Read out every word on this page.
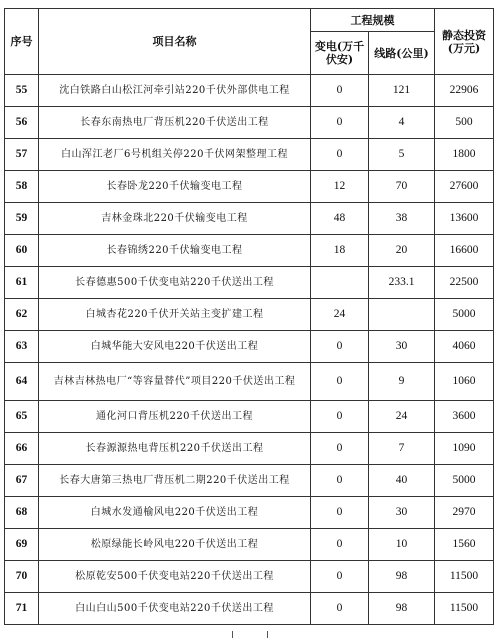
序号	项目名称	工程规模		静态投资(万元)
		变电(万千伏安)	线路(公里)	
55	沈白铁路白山松江河牵引站220千伏外部供电工程	0	121	22906
56	长春东南热电厂背压机220千伏送出工程	0	4	500
57	白山浑江老厂6号机组关停220千伏网架整理工程	0	5	1800
58	长春卧龙220千伏输变电工程	12	70	27600
59	吉林金珠北220千伏输变电工程	48	38	13600
60	长春锦绣220千伏输变电工程	18	20	16600
61	长春德惠500千伏变电站220千伏送出工程		233.1	22500
62	白城杏花220千伏开关站主变扩建工程	24		5000
63	白城华能大安风电220千伏送出工程	0	30	4060
64	吉林吉林热电厂“等容量替代”项目220千伏送出工程	0	9	1060
65	通化河口背压机220千伏送出工程	0	24	3600
66	长春源源热电背压机220千伏送出工程	0	7	1090
67	长春大唐第三热电厂背压机二期220千伏送出工程	0	40	5000
68	白城水发通榆风电220千伏送出工程	0	30	2970
69	松原绿能长岭风电220千伏送出工程	0	10	1560
70	松原乾安500千伏变电站220千伏送出工程	0	98	11500
71	白山白山500千伏变电站220千伏送出工程	0	98	11500
